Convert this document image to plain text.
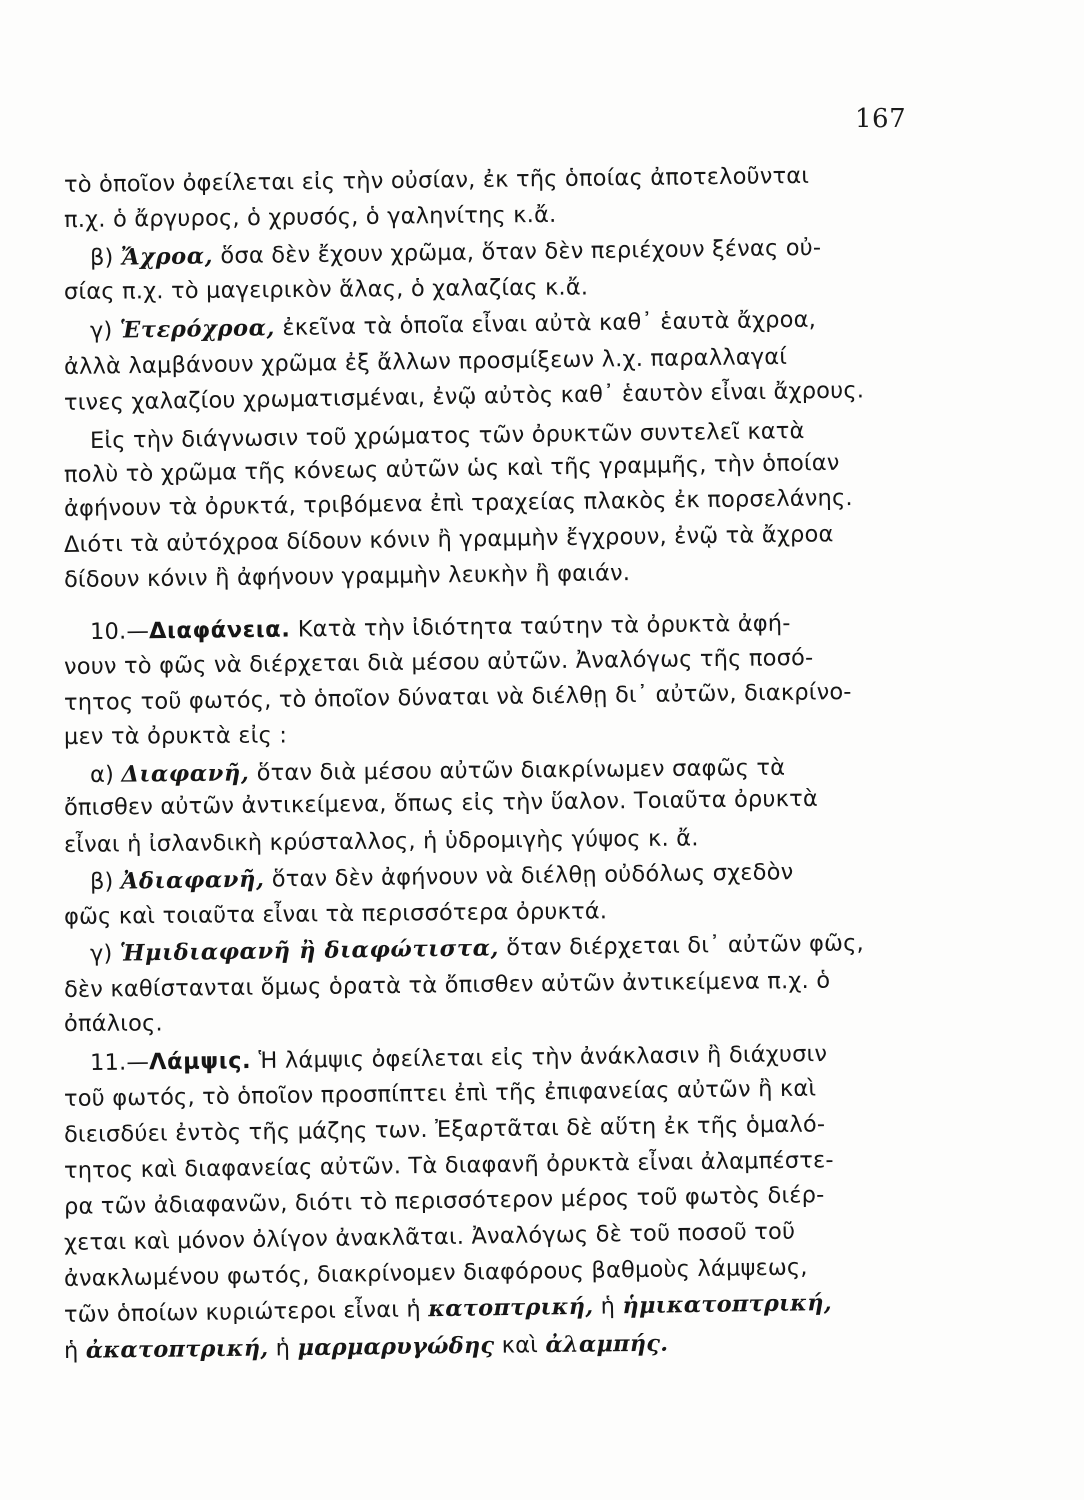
167
τὸ ὁποῖον ὀφείλεται εἰς τὴν οὐσίαν, ἐκ τῆς ὁποίας ἀποτελοῦνται
π.χ. ὁ ἄργυρος, ὁ χρυσός, ὁ γαληνίτης κ.ἄ.
β) Ἄχροα, ὅσα δὲν ἔχουν χρῶμα, ὅταν δὲν περιέχουν ξένας οὐ-
σίας π.χ. τὸ μαγειρικὸν ἅλας, ὁ χαλαζίας κ.ἄ.
γ) Ἑτερόχροα, ἐκεῖνα τὰ ὁποῖα εἶναι αὐτὰ καθ᾽ ἑαυτὰ ἄχροα,
ἀλλὰ λαμβάνουν χρῶμα ἐξ ἄλλων προσμίξεων λ.χ. παραλλαγαί
τινες χαλαζίου χρωματισμέναι, ἐνῷ αὐτὸς καθ᾽ ἑαυτὸν εἶναι ἄχρους.
Εἰς τὴν διάγνωσιν τοῦ χρώματος τῶν ὀρυκτῶν συντελεῖ κατὰ
πολὺ τὸ χρῶμα τῆς κόνεως αὐτῶν ὡς καὶ τῆς γραμμῆς, τὴν ὁποίαν
ἀφήνουν τὰ ὀρυκτά, τριβόμενα ἐπὶ τραχείας πλακὸς ἐκ πορσελάνης.
Διότι τὰ αὐτόχροα δίδουν κόνιν ἢ γραμμὴν ἔγχρουν, ἐνῷ τὰ ἄχροα
δίδουν κόνιν ἢ ἀφήνουν γραμμὴν λευκὴν ἢ φαιάν.
10.—Διαφάνεια. Κατὰ τὴν ἰδιότητα ταύτην τὰ ὀρυκτὰ ἀφή-
νουν τὸ φῶς νὰ διέρχεται διὰ μέσου αὐτῶν. Ἀναλόγως τῆς ποσό-
τητος τοῦ φωτός, τὸ ὁποῖον δύναται νὰ διέλθῃ δι᾽ αὐτῶν, διακρίνο-
μεν τὰ ὀρυκτὰ εἰς :
α) Διαφανῆ, ὅταν διὰ μέσου αὐτῶν διακρίνωμεν σαφῶς τὰ
ὄπισθεν αὐτῶν ἀντικείμενα, ὅπως εἰς τὴν ὕαλον. Τοιαῦτα ὀρυκτὰ
εἶναι ἡ ἰσλανδικὴ κρύσταλλος, ἡ ὑδρομιγὴς γύψος κ. ἄ.
β) Ἀδιαφανῆ, ὅταν δὲν ἀφήνουν νὰ διέλθῃ οὐδόλως σχεδὸν
φῶς καὶ τοιαῦτα εἶναι τὰ περισσότερα ὀρυκτά.
γ) Ἡμιδιαφανῆ ἢ διαφώτιστα, ὅταν διέρχεται δι᾽ αὐτῶν φῶς,
δὲν καθίστανται ὅμως ὁρατὰ τὰ ὄπισθεν αὐτῶν ἀντικείμενα π.χ. ὁ
ὀπάλιος.
11.—Λάμψις. Ἡ λάμψις ὀφείλεται εἰς τὴν ἀνάκλασιν ἢ διάχυσιν
τοῦ φωτός, τὸ ὁποῖον προσπίπτει ἐπὶ τῆς ἐπιφανείας αὐτῶν ἢ καὶ
διεισδύει ἐντὸς τῆς μάζης των. Ἐξαρτᾶται δὲ αὕτη ἐκ τῆς ὁμαλό-
τητος καὶ διαφανείας αὐτῶν. Τὰ διαφανῆ ὀρυκτὰ εἶναι ἀλαμπέστε-
ρα τῶν ἀδιαφανῶν, διότι τὸ περισσότερον μέρος τοῦ φωτὸς διέρ-
χεται καὶ μόνον ὀλίγον ἀνακλᾶται. Ἀναλόγως δὲ τοῦ ποσοῦ τοῦ
ἀνακλωμένου φωτός, διακρίνομεν διαφόρους βαθμοὺς λάμψεως,
τῶν ὁποίων κυριώτεροι εἶναι ἡ κατοπτρική, ἡ ἡμικατοπτρική,
ἡ ἀκατοπτρική, ἡ μαρμαρυγώδης καὶ ἀλαμπής.
